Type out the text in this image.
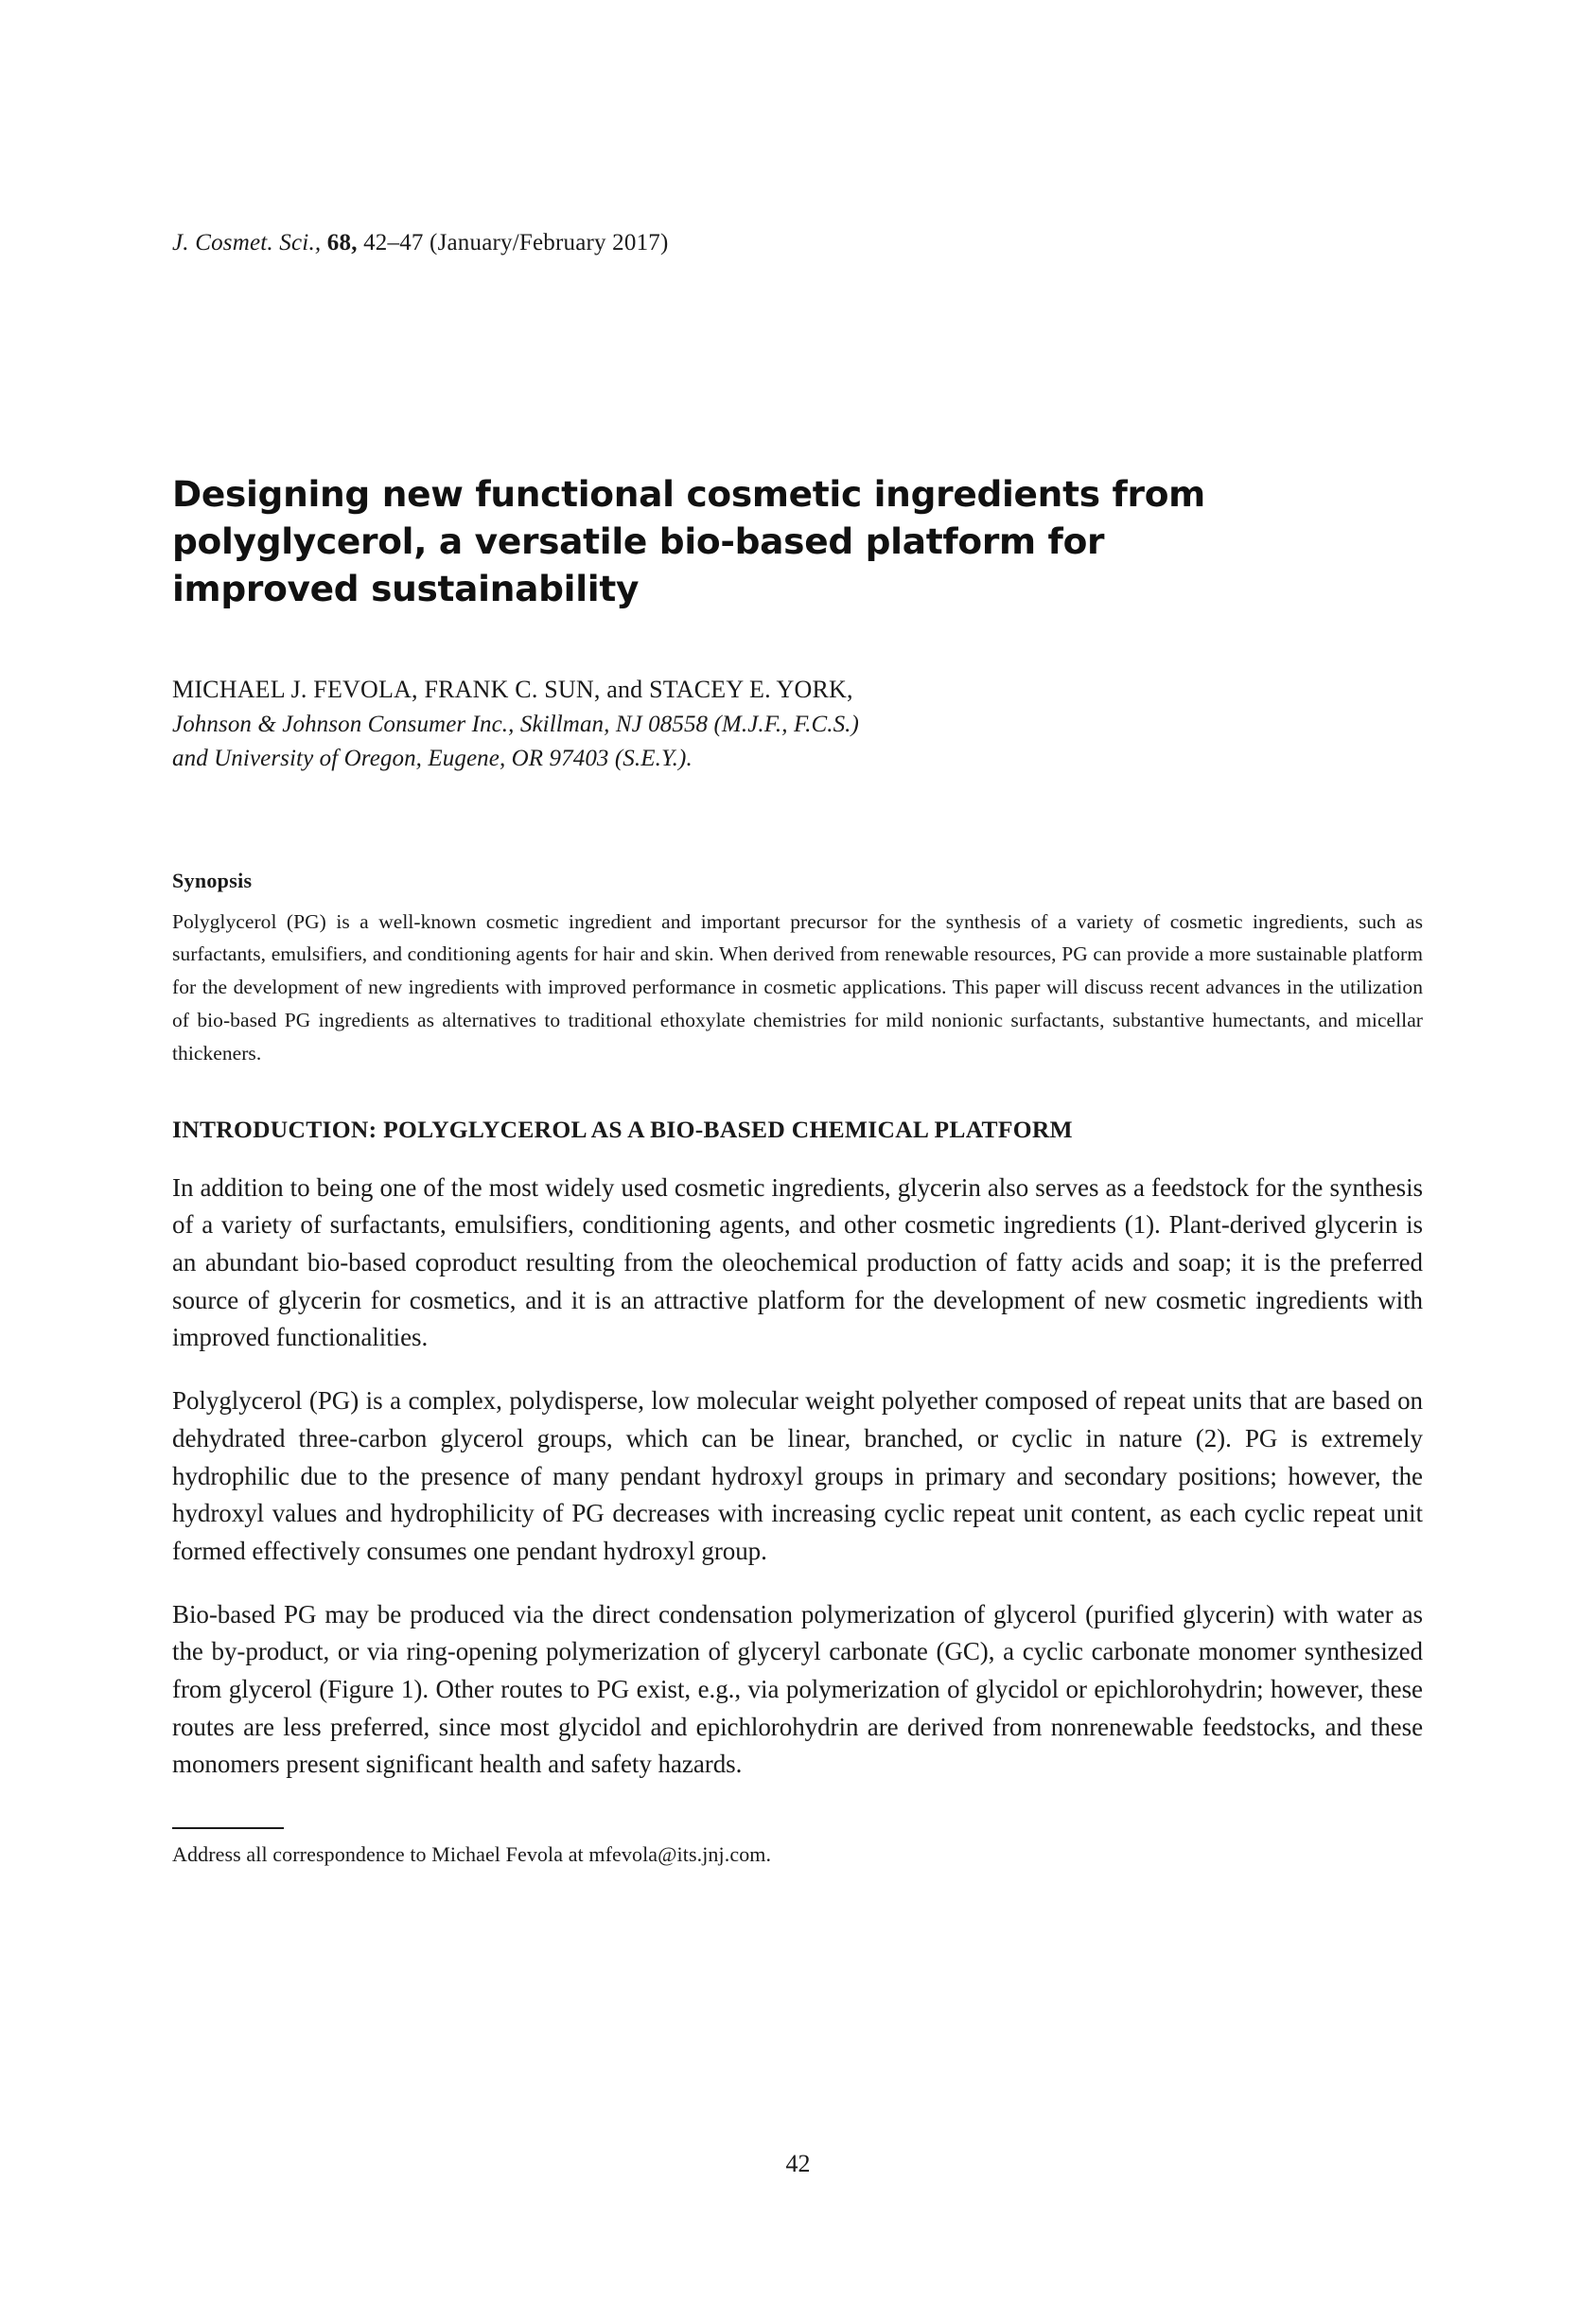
J. Cosmet. Sci., 68, 42–47 (January/February 2017)
Designing new functional cosmetic ingredients from polyglycerol, a versatile bio-based platform for improved sustainability
MICHAEL J. FEVOLA, FRANK C. SUN, and STACEY E. YORK,
Johnson & Johnson Consumer Inc., Skillman, NJ 08558 (M.J.F., F.C.S.)
and University of Oregon, Eugene, OR 97403 (S.E.Y.).
Synopsis
Polyglycerol (PG) is a well-known cosmetic ingredient and important precursor for the synthesis of a variety of cosmetic ingredients, such as surfactants, emulsifiers, and conditioning agents for hair and skin. When derived from renewable resources, PG can provide a more sustainable platform for the development of new ingredients with improved performance in cosmetic applications. This paper will discuss recent advances in the utilization of bio-based PG ingredients as alternatives to traditional ethoxylate chemistries for mild nonionic surfactants, substantive humectants, and micellar thickeners.
INTRODUCTION: POLYGLYCEROL AS A BIO-BASED CHEMICAL PLATFORM

In addition to being one of the most widely used cosmetic ingredients, glycerin also serves as a feedstock for the synthesis of a variety of surfactants, emulsifiers, conditioning agents, and other cosmetic ingredients (1). Plant-derived glycerin is an abundant bio-based coproduct resulting from the oleochemical production of fatty acids and soap; it is the preferred source of glycerin for cosmetics, and it is an attractive platform for the development of new cosmetic ingredients with improved functionalities.

Polyglycerol (PG) is a complex, polydisperse, low molecular weight polyether composed of repeat units that are based on dehydrated three-carbon glycerol groups, which can be linear, branched, or cyclic in nature (2). PG is extremely hydrophilic due to the presence of many pendant hydroxyl groups in primary and secondary positions; however, the hydroxyl values and hydrophilicity of PG decreases with increasing cyclic repeat unit content, as each cyclic repeat unit formed effectively consumes one pendant hydroxyl group.

Bio-based PG may be produced via the direct condensation polymerization of glycerol (purified glycerin) with water as the by-product, or via ring-opening polymerization of glyceryl carbonate (GC), a cyclic carbonate monomer synthesized from glycerol (Figure 1). Other routes to PG exist, e.g., via polymerization of glycidol or epichlorohydrin; however, these routes are less preferred, since most glycidol and epichlorohydrin are derived from nonrenewable feedstocks, and these monomers present significant health and safety hazards.

Address all correspondence to Michael Fevola at mfevola@its.jnj.com.
42
